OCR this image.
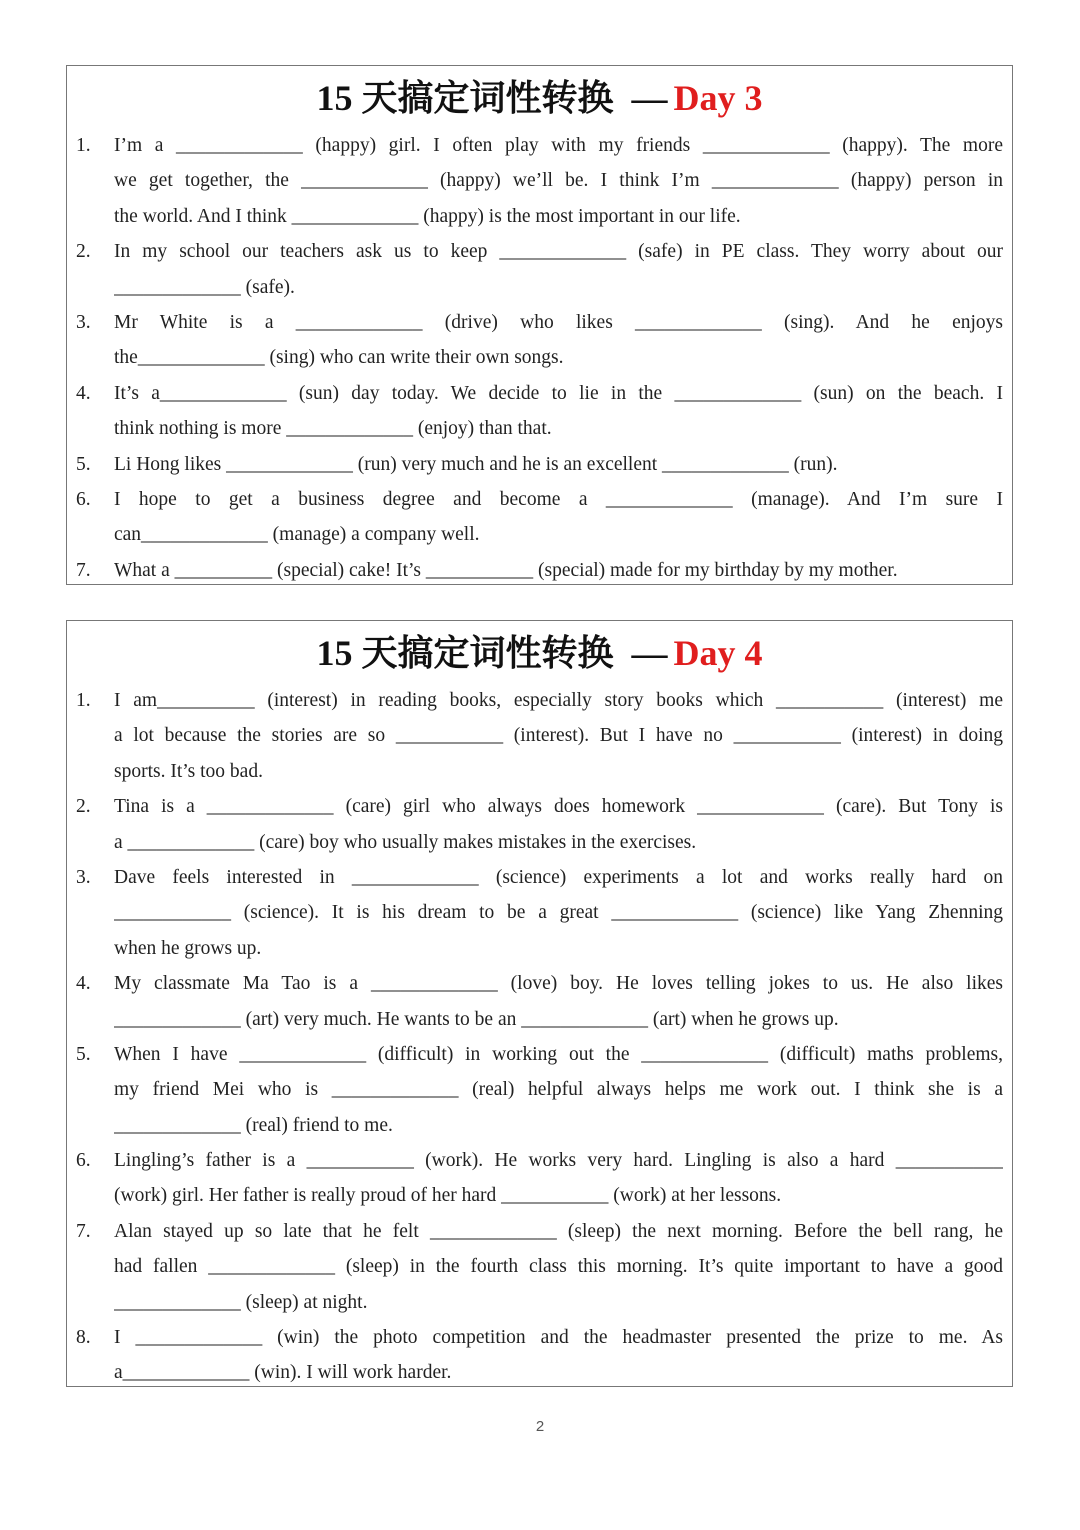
15 天搞定词性转换 — Day 3
1. I’m a _____________ (happy) girl. I often play with my friends _____________ (happy). The more
we get together, the _____________ (happy) we’ll be. I think I’m _____________ (happy) person in
the world. And I think _____________ (happy) is the most important in our life.
2. In my school our teachers ask us to keep _____________ (safe) in PE class. They worry about our
_____________ (safe).
3. Mr White is a _____________ (drive) who likes _____________ (sing). And he enjoys
the_____________ (sing) who can write their own songs.
4. It’s a_____________ (sun) day today. We decide to lie in the _____________ (sun) on the beach. I
think nothing is more _____________ (enjoy) than that.
5. Li Hong likes _____________ (run) very much and he is an excellent _____________ (run).
6. I hope to get a business degree and become a _____________ (manage). And I’m sure I
can_____________ (manage) a company well.
7. What a __________ (special) cake! It’s ___________ (special) made for my birthday by my mother.
15 天搞定词性转换 — Day 4
1. I am__________ (interest) in reading books, especially story books which ___________ (interest) me
a lot because the stories are so ___________ (interest). But I have no ___________ (interest) in doing
sports. It’s too bad.
2. Tina is a _____________ (care) girl who always does homework _____________ (care). But Tony is
a _____________ (care) boy who usually makes mistakes in the exercises.
3. Dave feels interested in _____________ (science) experiments a lot and works really hard on
____________ (science). It is his dream to be a great _____________ (science) like Yang Zhenning
when he grows up.
4. My classmate Ma Tao is a _____________ (love) boy. He loves telling jokes to us. He also likes
_____________ (art) very much. He wants to be an _____________ (art) when he grows up.
5. When I have _____________ (difficult) in working out the _____________ (difficult) maths problems,
my friend Mei who is _____________ (real) helpful always helps me work out. I think she is a
_____________ (real) friend to me.
6. Lingling’s father is a ___________ (work). He works very hard. Lingling is also a hard ___________
(work) girl. Her father is really proud of her hard ___________ (work) at her lessons.
7. Alan stayed up so late that he felt _____________ (sleep) the next morning. Before the bell rang, he
had fallen _____________ (sleep) in the fourth class this morning. It’s quite important to have a good
_____________ (sleep) at night.
8. I _____________ (win) the photo competition and the headmaster presented the prize to me. As
a_____________ (win). I will work harder.
2
